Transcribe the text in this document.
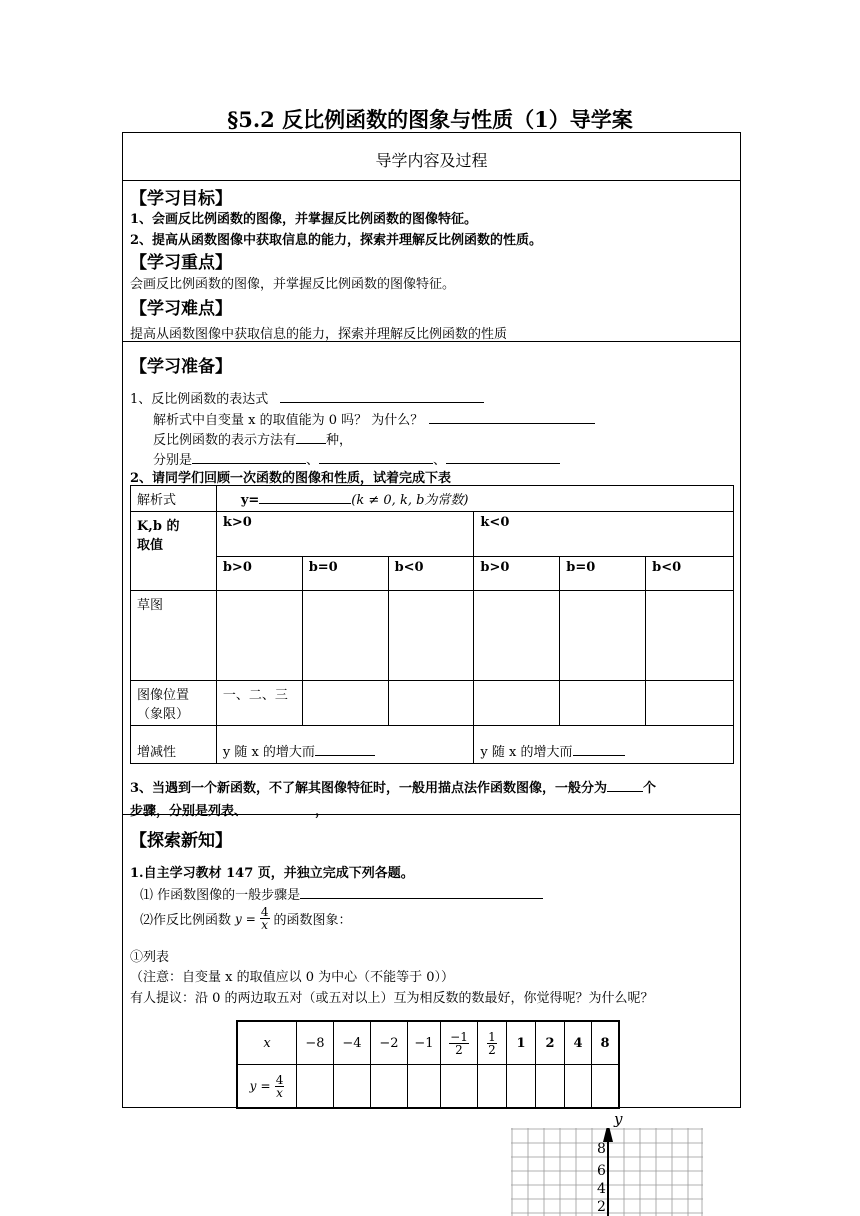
§5.2 反比例函数的图象与性质（1）导学案
导学内容及过程
【学习目标】
1、会画反比例函数的图像，并掌握反比例函数的图像特征。
2、提高从函数图像中获取信息的能力，探索并理解反比例函数的性质。
【学习重点】
会画反比例函数的图像，并掌握反比例函数的图像特征。
【学习难点】
提高从函数图像中获取信息的能力，探索并理解反比例函数的性质
【学习准备】
1、反比例函数的表达式
解析式中自变量 x 的取值能为 0 吗？ 为什么？
反比例函数的表示方法有 种，
分别是	、	、
2、请同学们回顾一次函数的图像和性质，试着完成下表
解析式	y= (k ≠ 0, k, b为常数)					
K,b 的
取值	k>0			k<0		
	b>0	b=0	b<0	b>0	b=0	b<0
草图						
图像位置
（象限）	一、二、三					
增减性	y 随 x 的增大而			y 随 x 的增大而		
3、当遇到一个新函数，不了解其图像特征时，一般用描点法作函数图像，一般分为	个
步骤，分别是列表、	，
【探索新知】
1.自主学习教材 147 页，并独立完成下列各题。
⑴ 作函数图像的一般步骤是
⑵作反比例函数 $y = \frac{4}{x}$ 的函数图象：
①列表
（注意：自变量 x 的取值应以 0 为中心（不能等于 0））
有人提议：沿 0 的两边取五对（或五对以上）互为相反数的数最好，你觉得呢？为什么呢？
x	−8	−4	−2	−1	$\frac{-1}{2}$	$\frac{1}{2}$	1	2	4	8
$y = \frac{4}{x}$

y
8
6
4
2
